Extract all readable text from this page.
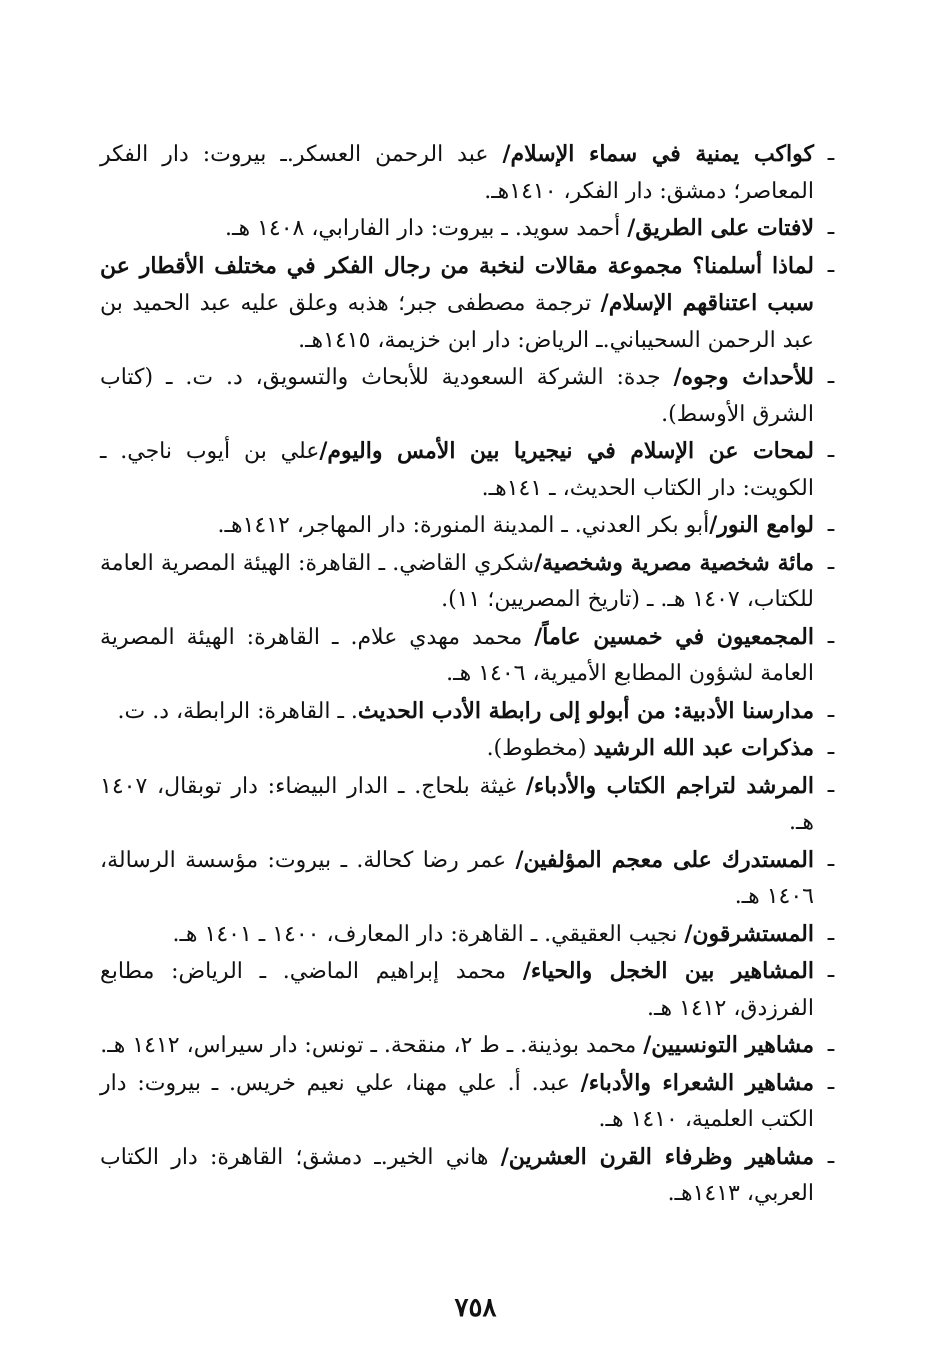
ـ
كواكب يمنية في سماء الإسلام/ عبد الرحمن العسكر.ـ بيروت: دار الفكر المعاصر؛ دمشق: دار الفكر، ١٤١٠هـ.
ـ
لافتات على الطريق/ أحمد سويد. ـ بيروت: دار الفارابي، ١٤٠٨ هـ.
ـ
لماذا أسلمنا؟ مجموعة مقالات لنخبة من رجال الفكر في مختلف الأقطار عن سبب اعتناقهم الإسلام/ ترجمة مصطفى جبر؛ هذبه وعلق عليه عبد الحميد بن عبد الرحمن السحيباني.ـ الرياض: دار ابن خزيمة، ١٤١٥هـ.
ـ
للأحداث وجوه/ جدة: الشركة السعودية للأبحاث والتسويق، د. ت. ـ (كتاب الشرق الأوسط).
ـ
لمحات عن الإسلام في نيجيريا بين الأمس واليوم/علي بن أيوب ناجي. ـ الكويت: دار الكتاب الحديث، ـ ١٤١هـ.
ـ
لوامع النور/أبو بكر العدني. ـ المدينة المنورة: دار المهاجر، ١٤١٢هـ.
ـ
مائة شخصية مصرية وشخصية/شكري القاضي. ـ القاهرة: الهيئة المصرية العامة للكتاب، ١٤٠٧ هـ. ـ (تاريخ المصريين؛ ١١).
ـ
المجمعيون في خمسين عاماً/ محمد مهدي علام. ـ القاهرة: الهيئة المصرية العامة لشؤون المطابع الأميرية، ١٤٠٦ هـ.
ـ
مدارسنا الأدبية: من أبولو إلى رابطة الأدب الحديث. ـ القاهرة: الرابطة، د. ت.
ـ
مذكرات عبد الله الرشيد (مخطوط).
ـ
المرشد لتراجم الكتاب والأدباء/ غيثة بلحاج. ـ الدار البيضاء: دار توبقال، ١٤٠٧ هـ.
ـ
المستدرك على معجم المؤلفين/ عمر رضا كحالة. ـ بيروت: مؤسسة الرسالة، ١٤٠٦ هـ.
ـ
المستشرقون/ نجيب العقيقي. ـ القاهرة: دار المعارف، ١٤٠٠ ـ ١٤٠١ هـ.
ـ
المشاهير بين الخجل والحياء/ محمد إبراهيم الماضي. ـ الرياض: مطابع الفرزدق، ١٤١٢ هـ.
ـ
مشاهير التونسيين/ محمد بوذينة. ـ ط ٢، منقحة. ـ تونس: دار سيراس، ١٤١٢ هـ.
ـ
مشاهير الشعراء والأدباء/ عبد. أ. علي مهنا، علي نعيم خريس. ـ بيروت: دار الكتب العلمية، ١٤١٠ هـ.
ـ
مشاهير وظرفاء القرن العشرين/ هاني الخير.ـ دمشق؛ القاهرة: دار الكتاب العربي، ١٤١٣هـ.
٧٥٨
